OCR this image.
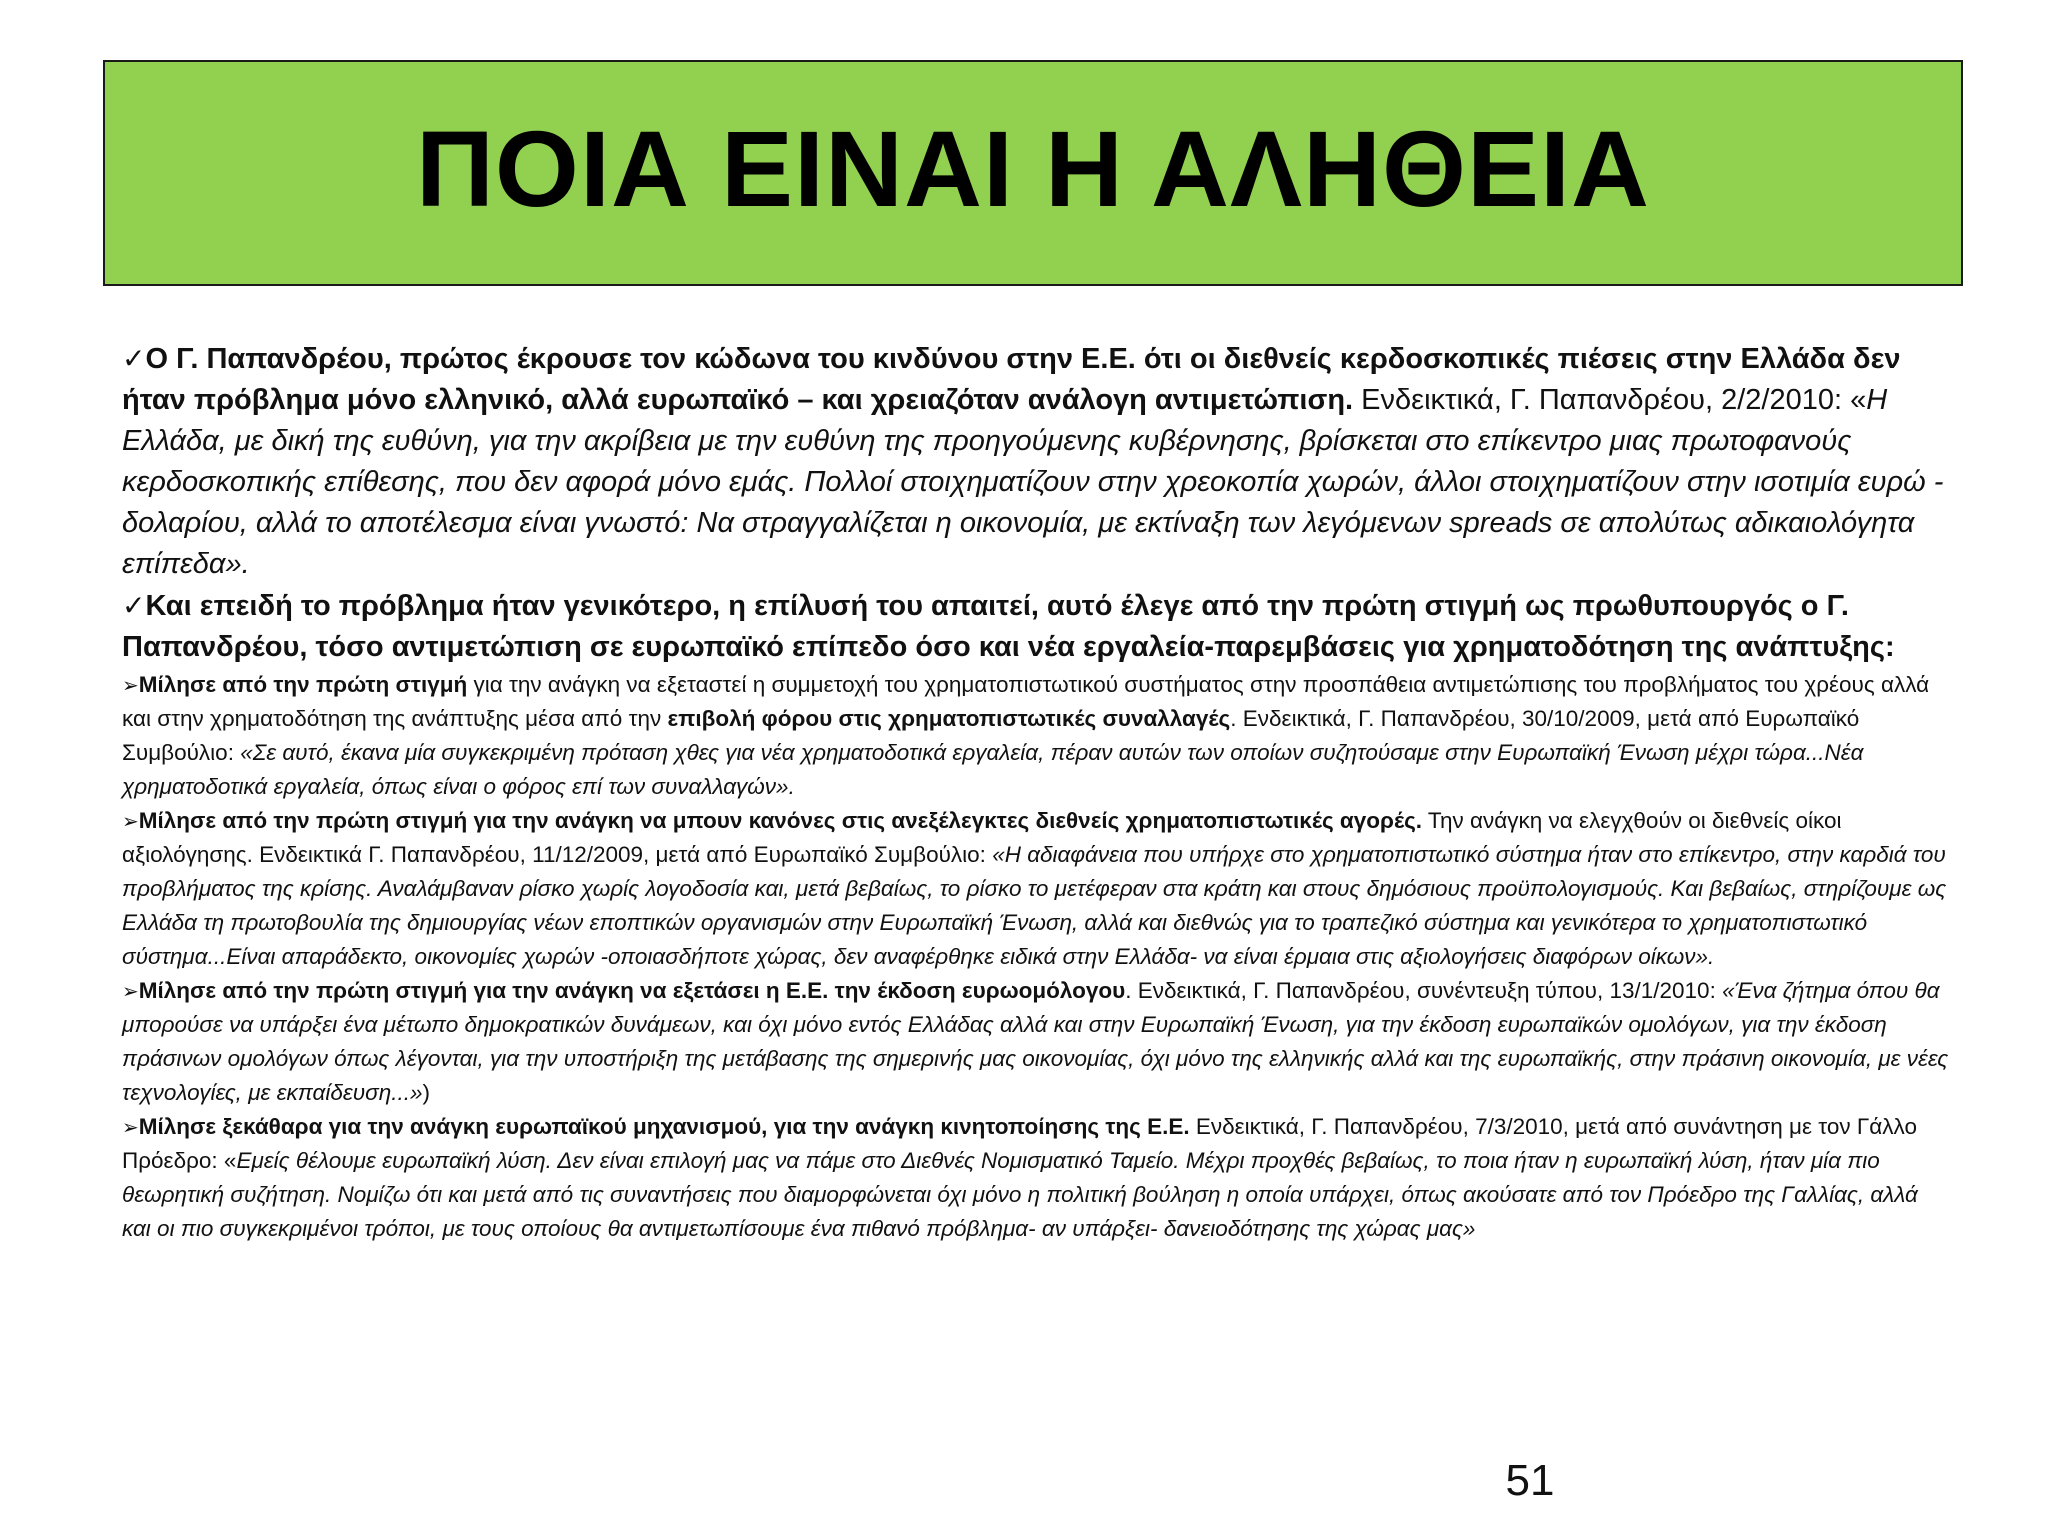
ΠΟΙΑ ΕΙΝΑΙ Η ΑΛΗΘΕΙΑ

✓Ο Γ. Παπανδρέου, πρώτος έκρουσε τον κώδωνα του κινδύνου στην Ε.Ε. ότι οι διεθνείς κερδοσκοπικές πιέσεις στην Ελλάδα δεν ήταν πρόβλημα μόνο ελληνικό, αλλά ευρωπαϊκό – και χρειαζόταν ανάλογη αντιμετώπιση. Ενδεικτικά, Γ. Παπανδρέου, 2/2/2010: «Η Ελλάδα, με δική της ευθύνη, για την ακρίβεια με την ευθύνη της προηγούμενης κυβέρνησης, βρίσκεται στο επίκεντρο μιας πρωτοφανούς κερδοσκοπικής επίθεσης, που δεν αφορά μόνο εμάς. Πολλοί στοιχηματίζουν στην χρεοκοπία χωρών, άλλοι στοιχηματίζουν στην ισοτιμία ευρώ - δολαρίου, αλλά το αποτέλεσμα είναι γνωστό: Να στραγγαλίζεται η οικονομία, με εκτίναξη των λεγόμενων spreads σε απολύτως αδικαιολόγητα επίπεδα».

✓Και επειδή το πρόβλημα ήταν γενικότερο, η επίλυσή του απαιτεί, αυτό έλεγε από την πρώτη στιγμή ως πρωθυπουργός ο Γ. Παπανδρέου, τόσο αντιμετώπιση σε ευρωπαϊκό επίπεδο όσο και νέα εργαλεία-παρεμβάσεις για χρηματοδότηση της ανάπτυξης:

➢Μίλησε από την πρώτη στιγμή για την ανάγκη να εξεταστεί η συμμετοχή του χρηματοπιστωτικού συστήματος στην προσπάθεια αντιμετώπισης του προβλήματος του χρέους αλλά και στην χρηματοδότηση της ανάπτυξης μέσα από την επιβολή φόρου στις χρηματοπιστωτικές συναλλαγές. Ενδεικτικά, Γ. Παπανδρέου, 30/10/2009, μετά από Ευρωπαϊκό Συμβούλιο: «Σε αυτό, έκανα μία συγκεκριμένη πρόταση χθες για νέα χρηματοδοτικά εργαλεία, πέραν αυτών των οποίων συζητούσαμε στην Ευρωπαϊκή Ένωση μέχρι τώρα...Νέα χρηματοδοτικά εργαλεία, όπως είναι ο φόρος επί των συναλλαγών».

➢Μίλησε από την πρώτη στιγμή για την ανάγκη να μπουν κανόνες στις ανεξέλεγκτες διεθνείς χρηματοπιστωτικές αγορές. Την ανάγκη να ελεγχθούν οι διεθνείς οίκοι αξιολόγησης. Ενδεικτικά Γ. Παπανδρέου, 11/12/2009, μετά από Ευρωπαϊκό Συμβούλιο: «Η αδιαφάνεια που υπήρχε στο χρηματοπιστωτικό σύστημα ήταν στο επίκεντρο, στην καρδιά του προβλήματος της κρίσης. Αναλάμβαναν ρίσκο χωρίς λογοδοσία και, μετά βεβαίως, το ρίσκο το μετέφεραν στα κράτη και στους δημόσιους προϋπολογισμούς. Και βεβαίως, στηρίζουμε ως Ελλάδα τη πρωτοβουλία της δημιουργίας νέων εποπτικών οργανισμών στην Ευρωπαϊκή Ένωση, αλλά και διεθνώς για το τραπεζικό σύστημα και γενικότερα το χρηματοπιστωτικό σύστημα...Είναι απαράδεκτο, οικονομίες χωρών -οποιασδήποτε χώρας, δεν αναφέρθηκε ειδικά στην Ελλάδα- να είναι έρμαια στις αξιολογήσεις διαφόρων οίκων».

➢Μίλησε από την πρώτη στιγμή για την ανάγκη να εξετάσει η Ε.Ε. την έκδοση ευρωομόλογου. Ενδεικτικά, Γ. Παπανδρέου, συνέντευξη τύπου, 13/1/2010: «Ένα ζήτημα όπου θα μπορούσε να υπάρξει ένα μέτωπο δημοκρατικών δυνάμεων, και όχι μόνο εντός Ελλάδας αλλά και στην Ευρωπαϊκή Ένωση, για την έκδοση ευρωπαϊκών ομολόγων, για την έκδοση πράσινων ομολόγων όπως λέγονται, για την υποστήριξη της μετάβασης της σημερινής μας οικονομίας, όχι μόνο της ελληνικής αλλά και της ευρωπαϊκής, στην πράσινη οικονομία, με νέες τεχνολογίες, με εκπαίδευση...»)

➢Μίλησε ξεκάθαρα για την ανάγκη ευρωπαϊκού μηχανισμού, για την ανάγκη κινητοποίησης της Ε.Ε. Ενδεικτικά, Γ. Παπανδρέου, 7/3/2010, μετά από συνάντηση με τον Γάλλο Πρόεδρο: «Εμείς θέλουμε ευρωπαϊκή λύση. Δεν είναι επιλογή μας να πάμε στο Διεθνές Νομισματικό Ταμείο. Μέχρι προχθές βεβαίως, το ποια ήταν η ευρωπαϊκή λύση, ήταν μία πιο θεωρητική συζήτηση. Νομίζω ότι και μετά από τις συναντήσεις που διαμορφώνεται όχι μόνο η πολιτική βούληση η οποία υπάρχει, όπως ακούσατε από τον Πρόεδρο της Γαλλίας, αλλά και οι πιο συγκεκριμένοι τρόποι, με τους οποίους θα αντιμετωπίσουμε ένα πιθανό πρόβλημα- αν υπάρξει- δανειοδότησης της χώρας μας»

51
